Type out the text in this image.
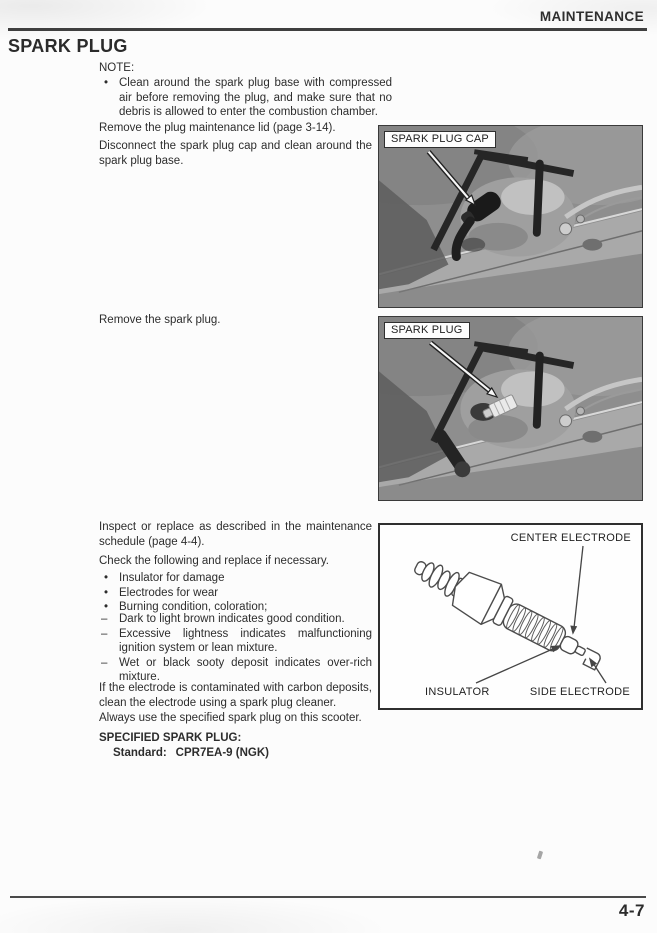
MAINTENANCE
SPARK PLUG
NOTE:
• Clean around the spark plug base with compressed air before removing the plug, and make sure that no debris is allowed to enter the combustion chamber.
Remove the plug maintenance lid (page 3-14).
Disconnect the spark plug cap and clean around the spark plug base.
Remove the spark plug.
Inspect or replace as described in the maintenance schedule (page 4-4).
Check the following and replace if necessary.
• Insulator for damage
• Electrodes for wear
• Burning condition, coloration;
– Dark to light brown indicates good condition.
– Excessive lightness indicates malfunctioning ignition system or lean mixture.
– Wet or black sooty deposit indicates over-rich mixture.
If the electrode is contaminated with carbon deposits, clean the electrode using a spark plug cleaner.
Always use the specified spark plug on this scooter.
SPECIFIED SPARK PLUG:
Standard: CPR7EA-9 (NGK)
SPARK PLUG CAP
SPARK PLUG
CENTER ELECTRODE
INSULATOR	SIDE ELECTRODE
4-7
